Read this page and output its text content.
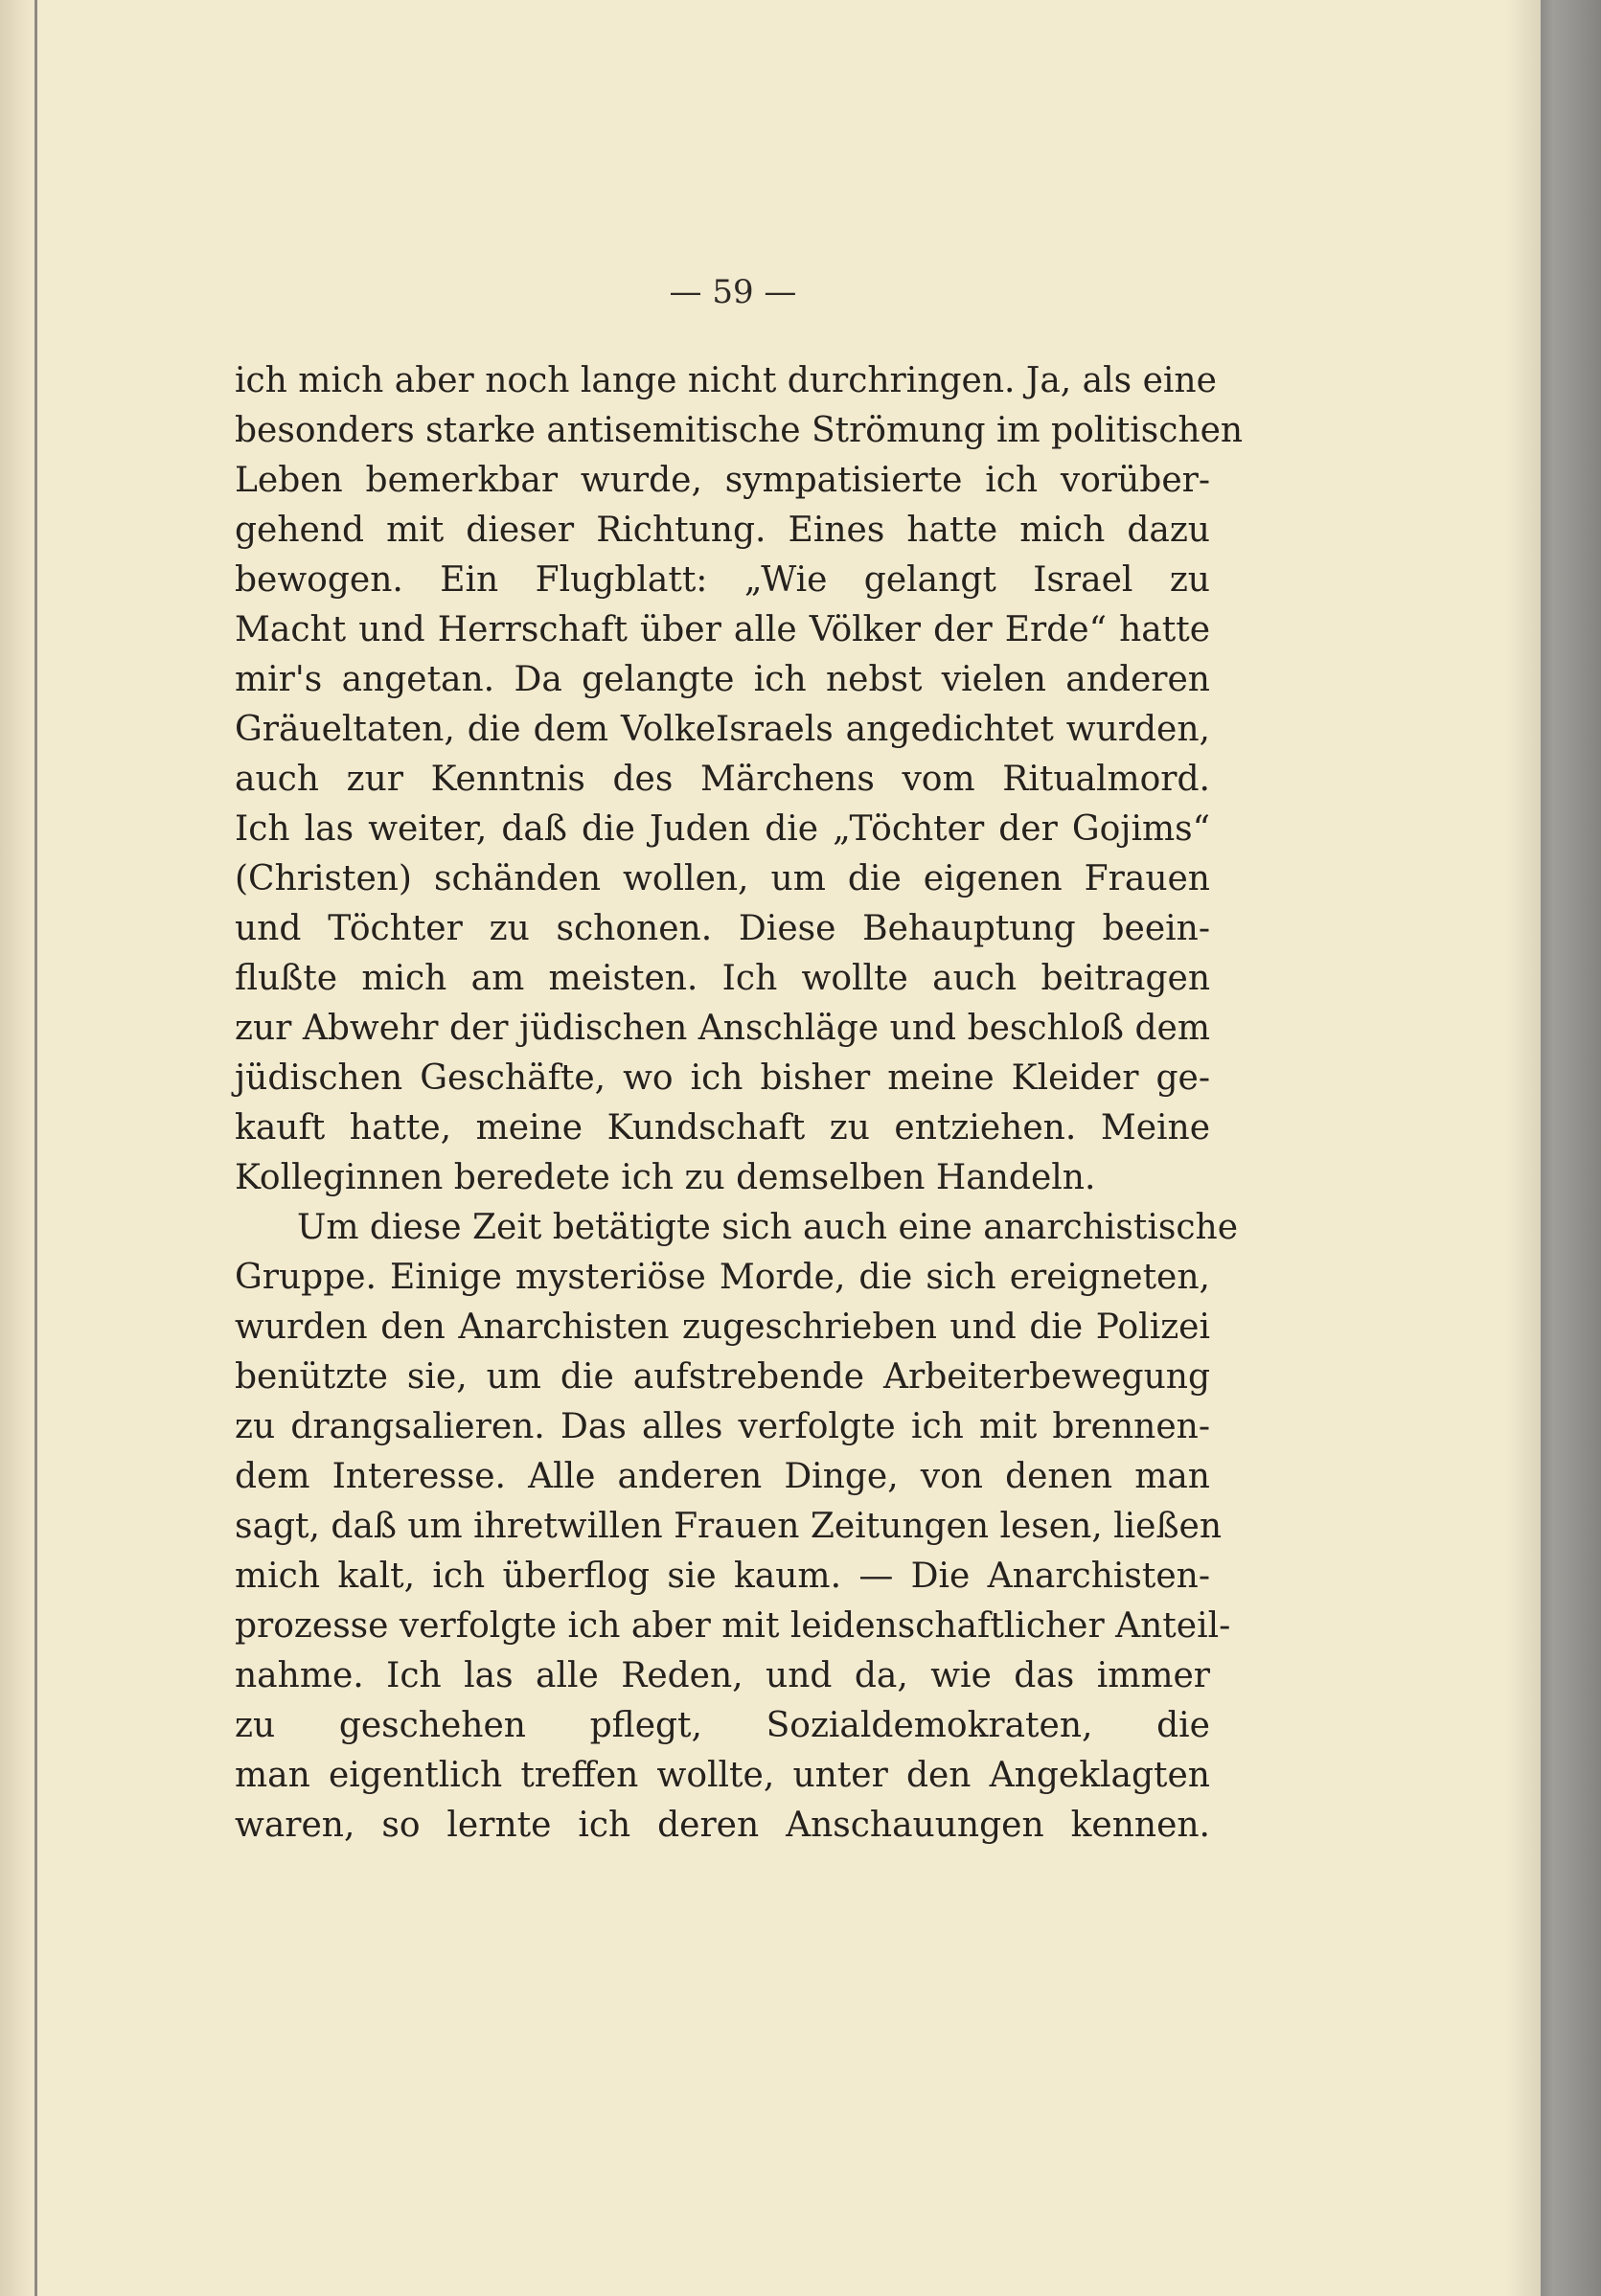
— 59 —
ich mich aber noch lange nicht durchringen. Ja, als eine
besonders starke antisemitische Strömung im politischen
Leben bemerkbar wurde, sympatisierte ich vorüber-
gehend mit dieser Richtung. Eines hatte mich dazu
bewogen. Ein Flugblatt: „Wie gelangt Israel zu
Macht und Herrschaft über alle Völker der Erde“ hatte
mir's angetan. Da gelangte ich nebst vielen anderen
Gräueltaten, die dem VolkeIsraels angedichtet wurden,
auch zur Kenntnis des Märchens vom Ritualmord.
Ich las weiter, daß die Juden die „Töchter der Gojims“
(Christen) schänden wollen, um die eigenen Frauen
und Töchter zu schonen. Diese Behauptung beein-
flußte mich am meisten. Ich wollte auch beitragen
zur Abwehr der jüdischen Anschläge und beschloß dem
jüdischen Geschäfte, wo ich bisher meine Kleider ge-
kauft hatte, meine Kundschaft zu entziehen. Meine
Kolleginnen beredete ich zu demselben Handeln.
Um diese Zeit betätigte sich auch eine anarchistische
Gruppe. Einige mysteriöse Morde, die sich ereigneten,
wurden den Anarchisten zugeschrieben und die Polizei
benützte sie, um die aufstrebende Arbeiterbewegung
zu drangsalieren. Das alles verfolgte ich mit brennen-
dem Interesse. Alle anderen Dinge, von denen man
sagt, daß um ihretwillen Frauen Zeitungen lesen, ließen
mich kalt, ich überflog sie kaum. — Die Anarchisten-
prozesse verfolgte ich aber mit leidenschaftlicher Anteil-
nahme. Ich las alle Reden, und da, wie das immer
zu geschehen pflegt, Sozialdemokraten, die
man eigentlich treffen wollte, unter den Angeklagten
waren, so lernte ich deren Anschauungen kennen.
